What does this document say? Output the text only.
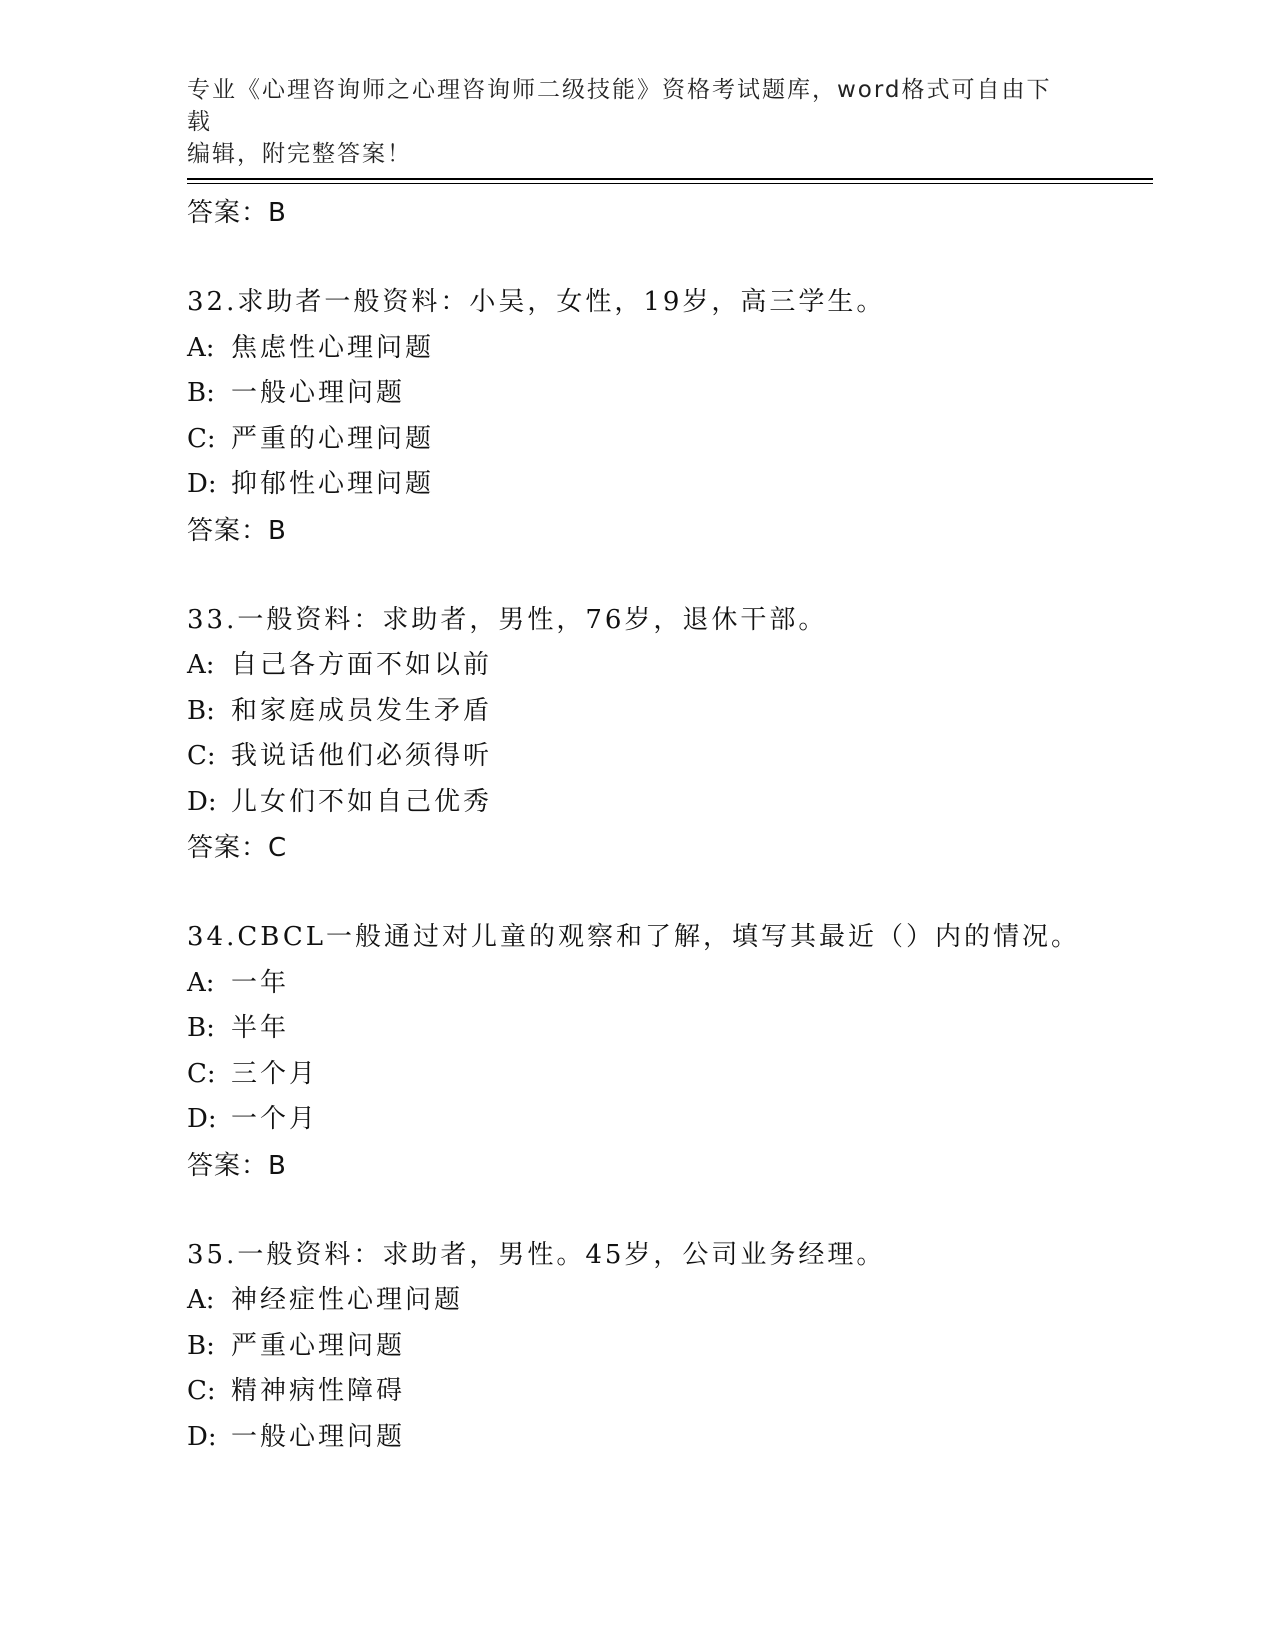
专业《心理咨询师之心理咨询师二级技能》资格考试题库，word格式可自由下载
编辑，附完整答案！
答案：B
32.求助者一般资料：小吴，女性，19岁，高三学生。
A: 焦虑性心理问题
B: 一般心理问题
C: 严重的心理问题
D: 抑郁性心理问题
答案：B
33.一般资料：求助者，男性，76岁，退休干部。
A: 自己各方面不如以前
B: 和家庭成员发生矛盾
C: 我说话他们必须得听
D: 儿女们不如自己优秀
答案：C
34.CBCL一般通过对儿童的观察和了解，填写其最近（）内的情况。
A: 一年
B: 半年
C: 三个月
D: 一个月
答案：B
35.一般资料：求助者，男性。45岁，公司业务经理。
A: 神经症性心理问题
B: 严重心理问题
C: 精神病性障碍
D: 一般心理问题
